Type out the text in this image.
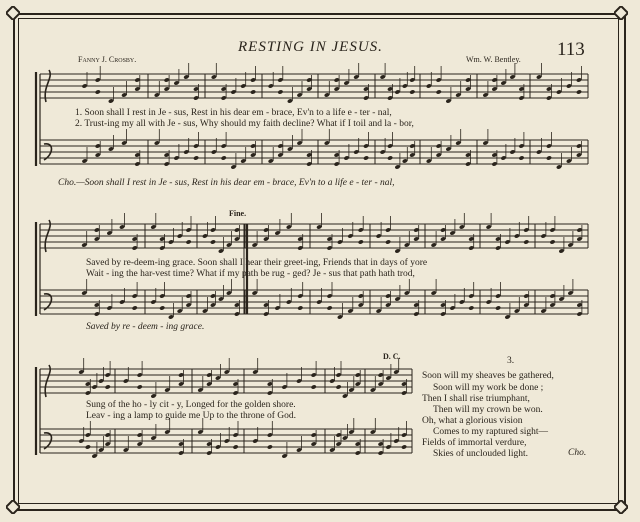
RESTING IN JESUS.	113
Fanny J. Crosby.	Wm. W. Bentley.
1. Soon shall I rest in Je - sus, Rest in his dear em - brace, Ev'n to a life e - ter - nal,
2. Trust-ing my all with Je - sus, Why should my faith decline? What if I toil and la - bor,
Cho.—Soon shall I rest in Je - sus, Rest in his dear em - brace, Ev'n to a life e - ter - nal,
Fine.
Saved by re-deem-ing grace. Soon shall I hear their greet-ing, Friends that in days of yore
Wait - ing the har-vest time? What if my path be rug - ged? Je - sus that path hath trod,
Saved by re - deem - ing grace.
D. C.
Sung of the ho - ly cit - y, Longed for the golden shore.
Leav - ing a lamp to guide me Up to the throne of God.
3.
Soon will my sheaves be gathered,
Soon will my work be done ;
Then I shall rise triumphant,
Then will my crown be won.
Oh, what a glorious vision
Comes to my raptured sight—
Fields of immortal verdure,
Skies of unclouded light.	Cho.
